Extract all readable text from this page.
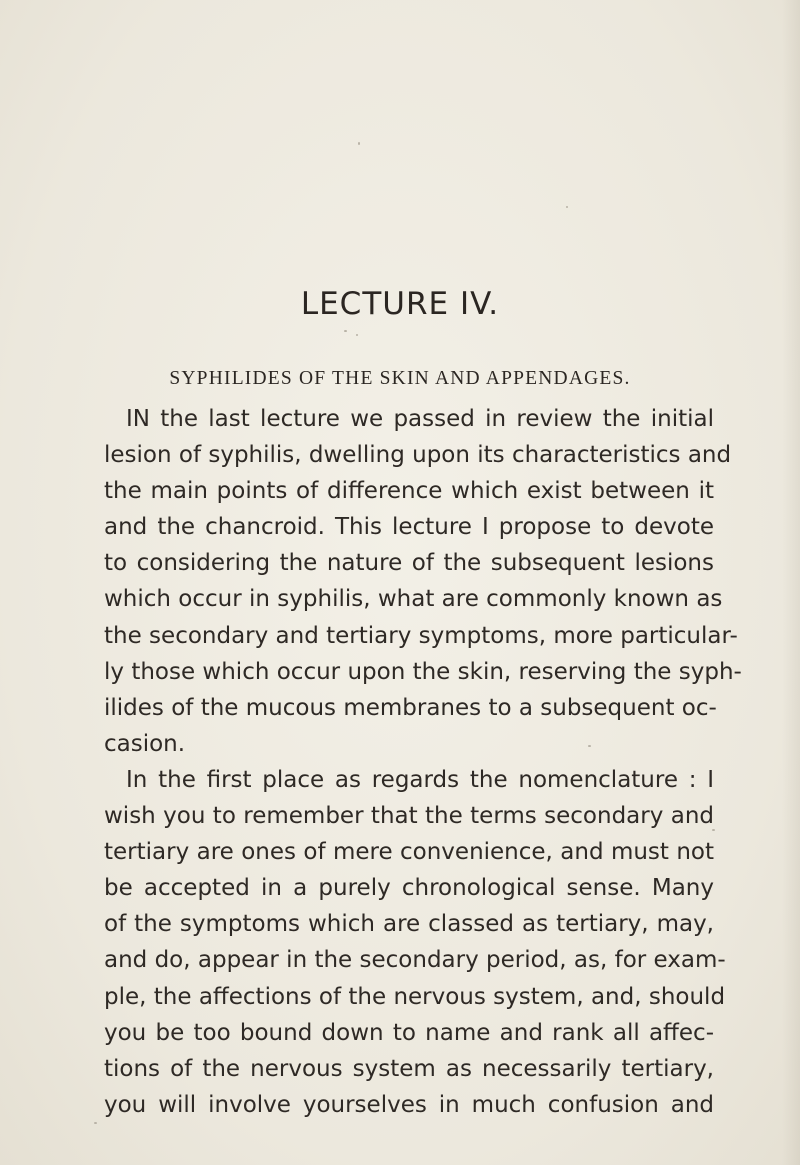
LECTURE IV.
SYPHILIDES OF THE SKIN AND APPENDAGES.
IN the last lecture we passed in review the initial
lesion of syphilis, dwelling upon its characteristics and
the main points of difference which exist between it
and the chancroid. This lecture I propose to devote
to considering the nature of the subsequent lesions
which occur in syphilis, what are commonly known as
the secondary and tertiary symptoms, more particular-
ly those which occur upon the skin, reserving the syph-
ilides of the mucous membranes to a subsequent oc-
casion.
In the first place as regards the nomenclature : I
wish you to remember that the terms secondary and
tertiary are ones of mere convenience, and must not
be accepted in a purely chronological sense. Many
of the symptoms which are classed as tertiary, may,
and do, appear in the secondary period, as, for exam-
ple, the affections of the nervous system, and, should
you be too bound down to name and rank all affec-
tions of the nervous system as necessarily tertiary,
you will involve yourselves in much confusion and
